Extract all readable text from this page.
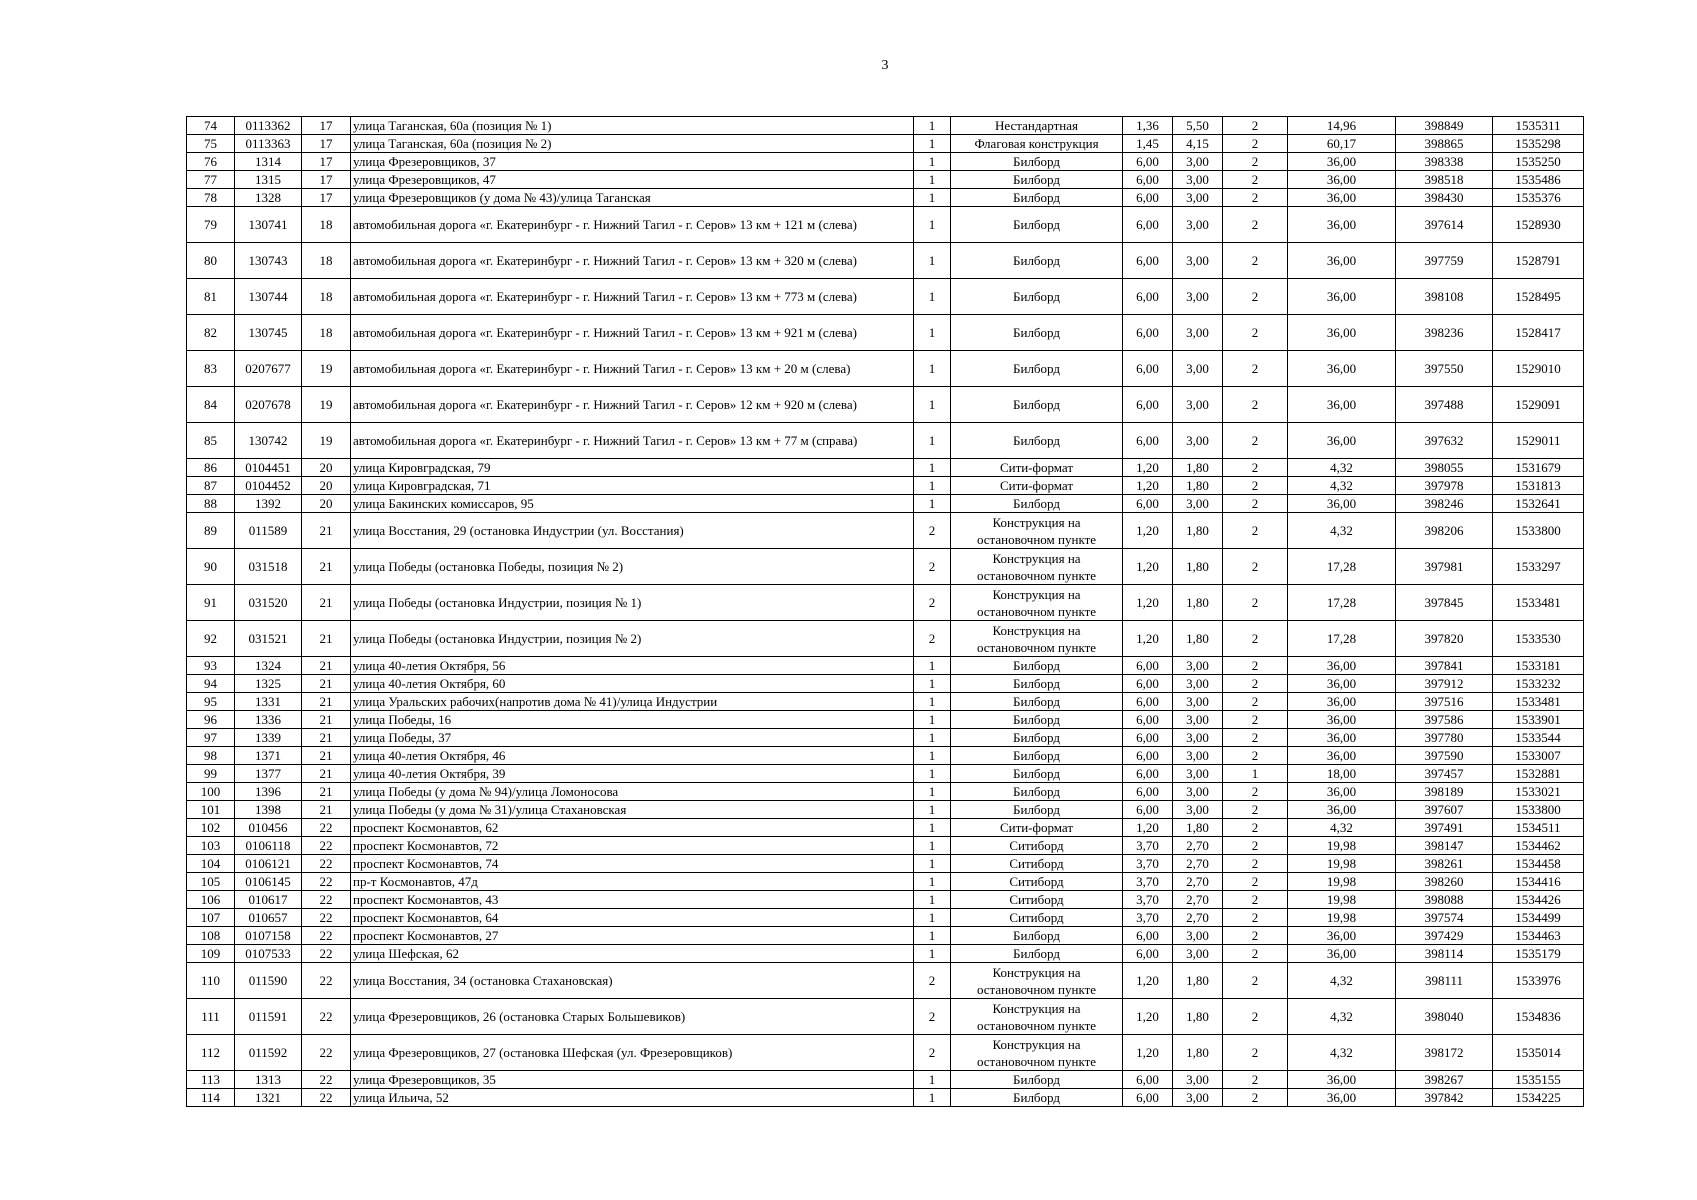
3
74	0113362	17	улица Таганская, 60а (позиция № 1)	1	Нестандартная	1,36	5,50	2	14,96	398849	1535311
75	0113363	17	улица Таганская, 60а (позиция № 2)	1	Флаговая конструкция	1,45	4,15	2	60,17	398865	1535298
76	1314	17	улица Фрезеровщиков, 37	1	Билборд	6,00	3,00	2	36,00	398338	1535250
77	1315	17	улица Фрезеровщиков, 47	1	Билборд	6,00	3,00	2	36,00	398518	1535486
78	1328	17	улица Фрезеровщиков (у дома № 43)/улица Таганская	1	Билборд	6,00	3,00	2	36,00	398430	1535376
79	130741	18	автомобильная дорога «г. Екатеринбург - г. Нижний Тагил - г. Серов» 13 км + 121 м (слева)	1	Билборд	6,00	3,00	2	36,00	397614	1528930
80	130743	18	автомобильная дорога «г. Екатеринбург - г. Нижний Тагил - г. Серов» 13 км + 320 м (слева)	1	Билборд	6,00	3,00	2	36,00	397759	1528791
81	130744	18	автомобильная дорога «г. Екатеринбург - г. Нижний Тагил - г. Серов» 13 км + 773 м (слева)	1	Билборд	6,00	3,00	2	36,00	398108	1528495
82	130745	18	автомобильная дорога «г. Екатеринбург - г. Нижний Тагил - г. Серов» 13 км + 921 м (слева)	1	Билборд	6,00	3,00	2	36,00	398236	1528417
83	0207677	19	автомобильная дорога «г. Екатеринбург - г. Нижний Тагил - г. Серов» 13 км + 20 м (слева)	1	Билборд	6,00	3,00	2	36,00	397550	1529010
84	0207678	19	автомобильная дорога «г. Екатеринбург - г. Нижний Тагил - г. Серов» 12 км + 920 м (слева)	1	Билборд	6,00	3,00	2	36,00	397488	1529091
85	130742	19	автомобильная дорога «г. Екатеринбург - г. Нижний Тагил - г. Серов» 13 км + 77 м (справа)	1	Билборд	6,00	3,00	2	36,00	397632	1529011
86	0104451	20	улица Кировградская, 79	1	Сити-формат	1,20	1,80	2	4,32	398055	1531679
87	0104452	20	улица Кировградская, 71	1	Сити-формат	1,20	1,80	2	4,32	397978	1531813
88	1392	20	улица Бакинских комиссаров, 95	1	Билборд	6,00	3,00	2	36,00	398246	1532641
89	011589	21	улица Восстания, 29 (остановка Индустрии (ул. Восстания)	2	Конструкция на остановочном пункте	1,20	1,80	2	4,32	398206	1533800
90	031518	21	улица Победы (остановка Победы, позиция № 2)	2	Конструкция на остановочном пункте	1,20	1,80	2	17,28	397981	1533297
91	031520	21	улица Победы (остановка Индустрии, позиция № 1)	2	Конструкция на остановочном пункте	1,20	1,80	2	17,28	397845	1533481
92	031521	21	улица Победы (остановка Индустрии, позиция № 2)	2	Конструкция на остановочном пункте	1,20	1,80	2	17,28	397820	1533530
93	1324	21	улица 40-летия Октября, 56	1	Билборд	6,00	3,00	2	36,00	397841	1533181
94	1325	21	улица 40-летия Октября, 60	1	Билборд	6,00	3,00	2	36,00	397912	1533232
95	1331	21	улица Уральских рабочих(напротив дома № 41)/улица Индустрии	1	Билборд	6,00	3,00	2	36,00	397516	1533481
96	1336	21	улица Победы, 16	1	Билборд	6,00	3,00	2	36,00	397586	1533901
97	1339	21	улица Победы, 37	1	Билборд	6,00	3,00	2	36,00	397780	1533544
98	1371	21	улица 40-летия Октября, 46	1	Билборд	6,00	3,00	2	36,00	397590	1533007
99	1377	21	улица 40-летия Октября, 39	1	Билборд	6,00	3,00	1	18,00	397457	1532881
100	1396	21	улица Победы (у дома № 94)/улица Ломоносова	1	Билборд	6,00	3,00	2	36,00	398189	1533021
101	1398	21	улица Победы (у дома № 31)/улица Стахановская	1	Билборд	6,00	3,00	2	36,00	397607	1533800
102	010456	22	проспект Космонавтов, 62	1	Сити-формат	1,20	1,80	2	4,32	397491	1534511
103	0106118	22	проспект Космонавтов, 72	1	Ситиборд	3,70	2,70	2	19,98	398147	1534462
104	0106121	22	проспект Космонавтов, 74	1	Ситиборд	3,70	2,70	2	19,98	398261	1534458
105	0106145	22	пр-т Космонавтов, 47д	1	Ситиборд	3,70	2,70	2	19,98	398260	1534416
106	010617	22	проспект Космонавтов, 43	1	Ситиборд	3,70	2,70	2	19,98	398088	1534426
107	010657	22	проспект Космонавтов, 64	1	Ситиборд	3,70	2,70	2	19,98	397574	1534499
108	0107158	22	проспект Космонавтов, 27	1	Билборд	6,00	3,00	2	36,00	397429	1534463
109	0107533	22	улица Шефская, 62	1	Билборд	6,00	3,00	2	36,00	398114	1535179
110	011590	22	улица Восстания, 34 (остановка Стахановская)	2	Конструкция на остановочном пункте	1,20	1,80	2	4,32	398111	1533976
111	011591	22	улица Фрезеровщиков, 26 (остановка Старых Большевиков)	2	Конструкция на остановочном пункте	1,20	1,80	2	4,32	398040	1534836
112	011592	22	улица Фрезеровщиков, 27 (остановка Шефская (ул. Фрезеровщиков)	2	Конструкция на остановочном пункте	1,20	1,80	2	4,32	398172	1535014
113	1313	22	улица Фрезеровщиков, 35	1	Билборд	6,00	3,00	2	36,00	398267	1535155
114	1321	22	улица Ильича, 52	1	Билборд	6,00	3,00	2	36,00	397842	1534225
